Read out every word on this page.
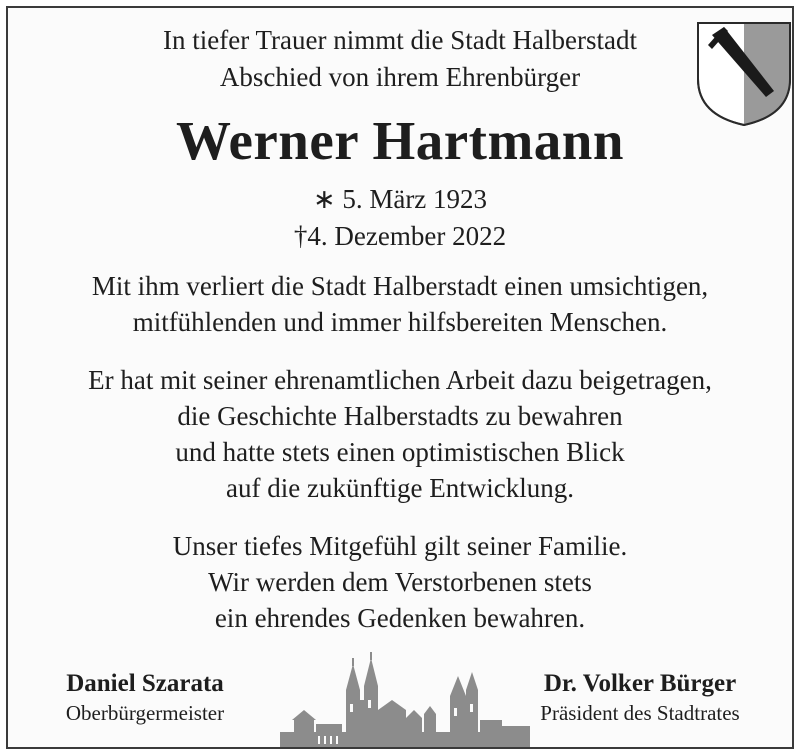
In tiefer Trauer nimmt die Stadt Halberstadt
Abschied von ihrem Ehrenbürger
Werner Hartmann
∗ 5. März 1923
†4. Dezember 2022
Mit ihm verliert die Stadt Halberstadt einen umsichtigen,
mitfühlenden und immer hilfsbereiten Menschen.
Er hat mit seiner ehrenamtlichen Arbeit dazu beigetragen,
die Geschichte Halberstadts zu bewahren
und hatte stets einen optimistischen Blick
auf die zukünftige Entwicklung.
Unser tiefes Mitgefühl gilt seiner Familie.
Wir werden dem Verstorbenen stets
ein ehrendes Gedenken bewahren.
Daniel Szarata
Oberbürgermeister
Dr. Volker Bürger
Präsident des Stadtrates
